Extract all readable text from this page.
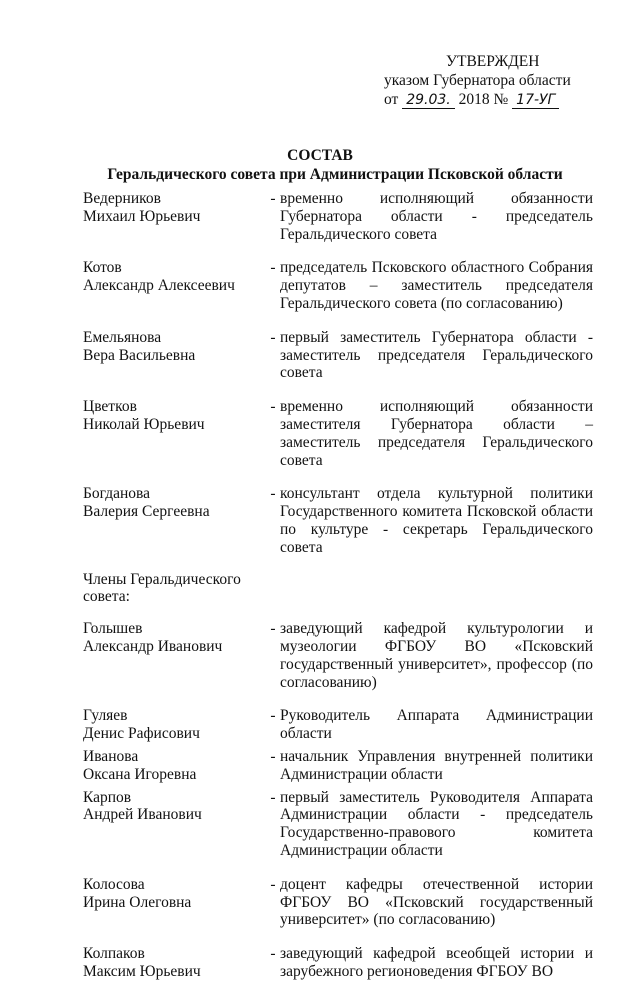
УТВЕРЖДЕН
указом Губернатора области
от 29.03. 2018 № 17-УГ
СОСТАВ
Геральдического совета при Администрации Псковской области
Ведерников
Михаил Юрьевич
- временно исполняющий обязанности Губернатора области - председатель Геральдического совета
Котов
Александр Алексеевич
- председатель Псковского областного Собрания депутатов – заместитель председателя Геральдического совета (по согласованию)
Емельянова
Вера Васильевна
- первый заместитель Губернатора области - заместитель председателя Геральдического совета
Цветков
Николай Юрьевич
- временно исполняющий обязанности заместителя Губернатора области – заместитель председателя Геральдического совета
Богданова
Валерия Сергеевна
- консультант отдела культурной политики Государственного комитета Псковской области по культуре - секретарь Геральдического совета
Члены Геральдического совета:
Голышев
Александр Иванович
- заведующий кафедрой культурологии и музеологии ФГБОУ ВО «Псковский государственный университет», профессор (по согласованию)
Гуляев
Денис Рафисович
- Руководитель Аппарата Администрации области
Иванова
Оксана Игоревна
- начальник Управления внутренней политики Администрации области
Карпов
Андрей Иванович
- первый заместитель Руководителя Аппарата Администрации области - председатель Государственно-правового комитета Администрации области
Колосова
Ирина Олеговна
- доцент кафедры отечественной истории ФГБОУ ВО «Псковский государственный университет» (по согласованию)
Колпаков
Максим Юрьевич
- заведующий кафедрой всеобщей истории и зарубежного регионоведения ФГБОУ ВО
